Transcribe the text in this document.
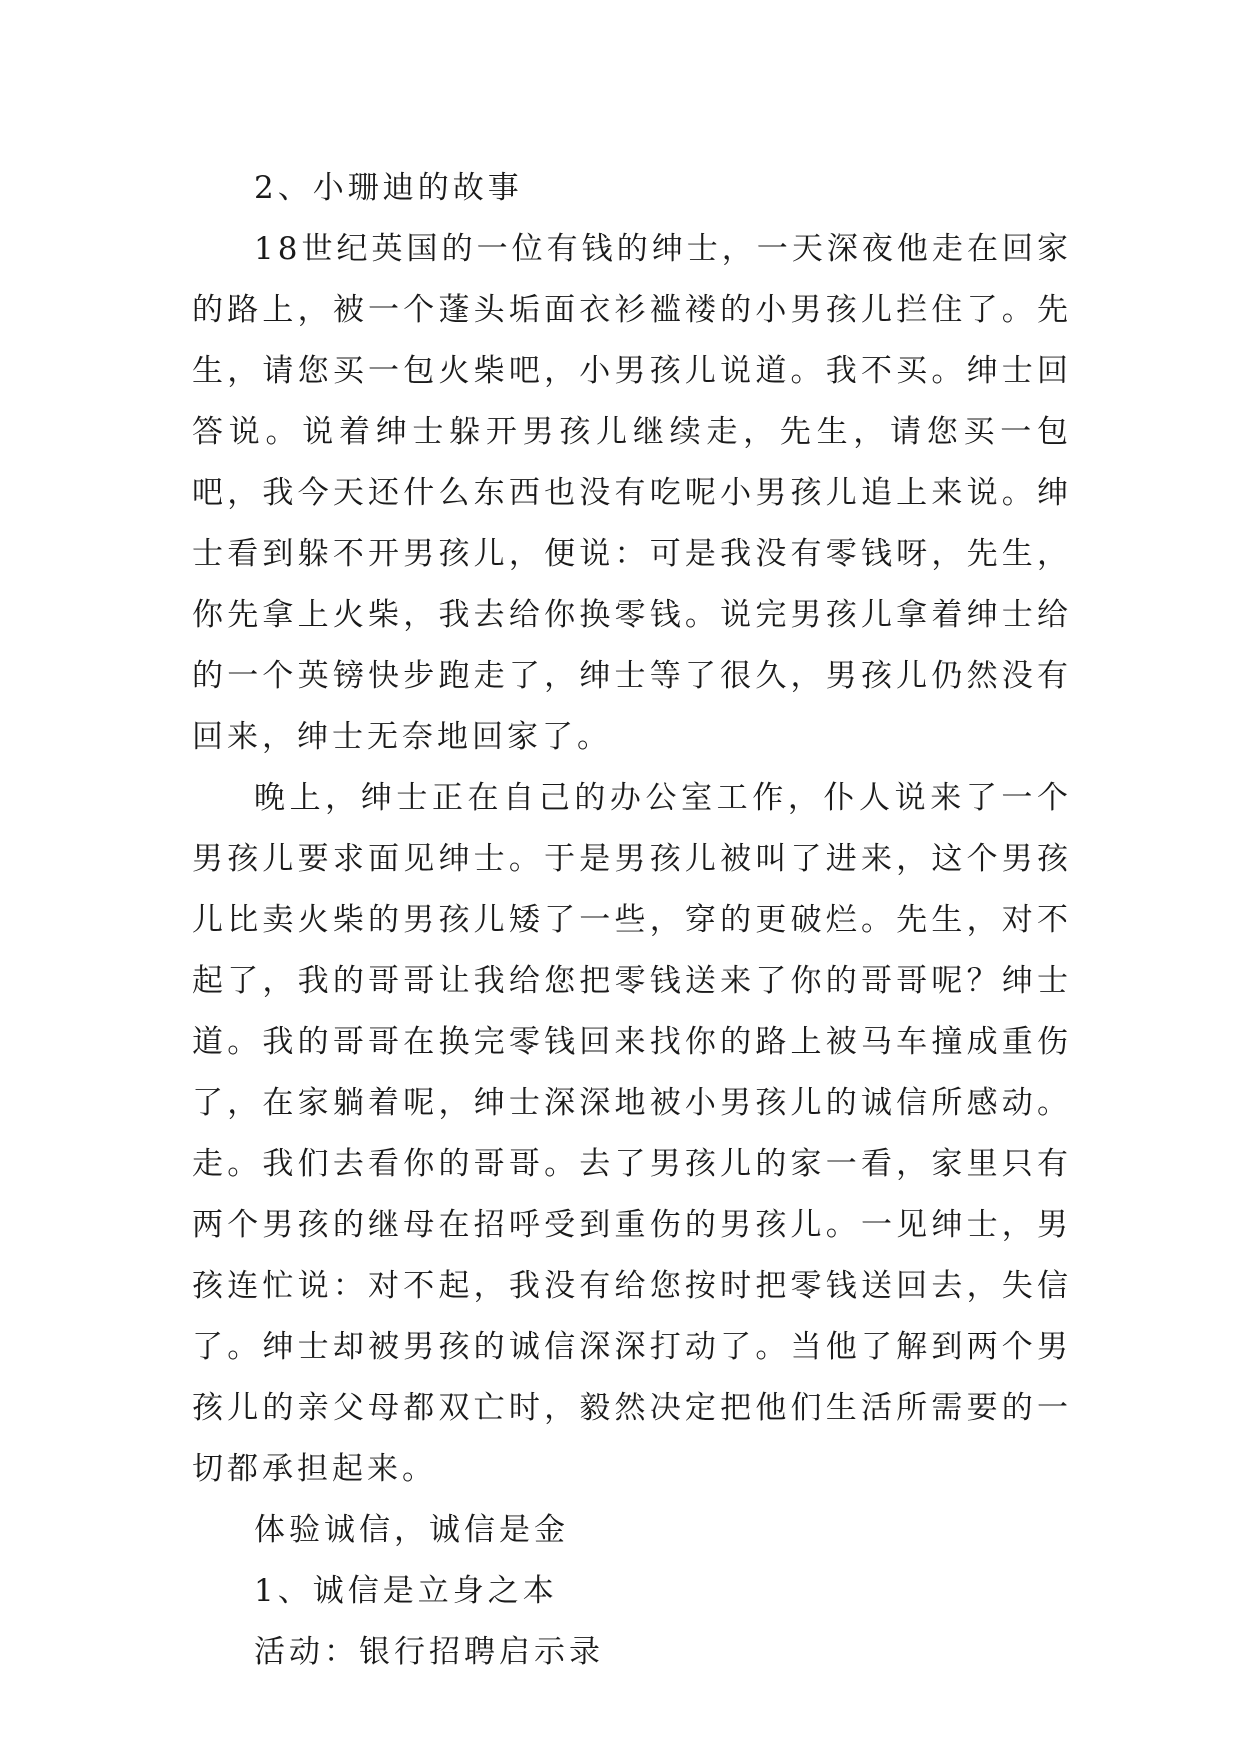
2、小珊迪的故事

18世纪英国的一位有钱的绅士，一天深夜他走在回家的路上，被一个蓬头垢面衣衫褴褛的小男孩儿拦住了。先生，请您买一包火柴吧，小男孩儿说道。我不买。绅士回答说。说着绅士躲开男孩儿继续走，先生，请您买一包吧，我今天还什么东西也没有吃呢小男孩儿追上来说。绅士看到躲不开男孩儿，便说：可是我没有零钱呀，先生，你先拿上火柴，我去给你换零钱。说完男孩儿拿着绅士给的一个英镑快步跑走了，绅士等了很久，男孩儿仍然没有回来，绅士无奈地回家了。

晚上，绅士正在自己的办公室工作，仆人说来了一个男孩儿要求面见绅士。于是男孩儿被叫了进来，这个男孩儿比卖火柴的男孩儿矮了一些，穿的更破烂。先生，对不起了，我的哥哥让我给您把零钱送来了你的哥哥呢？绅士道。我的哥哥在换完零钱回来找你的路上被马车撞成重伤了，在家躺着呢，绅士深深地被小男孩儿的诚信所感动。走。我们去看你的哥哥。去了男孩儿的家一看，家里只有两个男孩的继母在招呼受到重伤的男孩儿。一见绅士，男孩连忙说：对不起，我没有给您按时把零钱送回去，失信了。绅士却被男孩的诚信深深打动了。当他了解到两个男孩儿的亲父母都双亡时，毅然决定把他们生活所需要的一切都承担起来。

体验诚信，诚信是金

1、诚信是立身之本

活动：银行招聘启示录
